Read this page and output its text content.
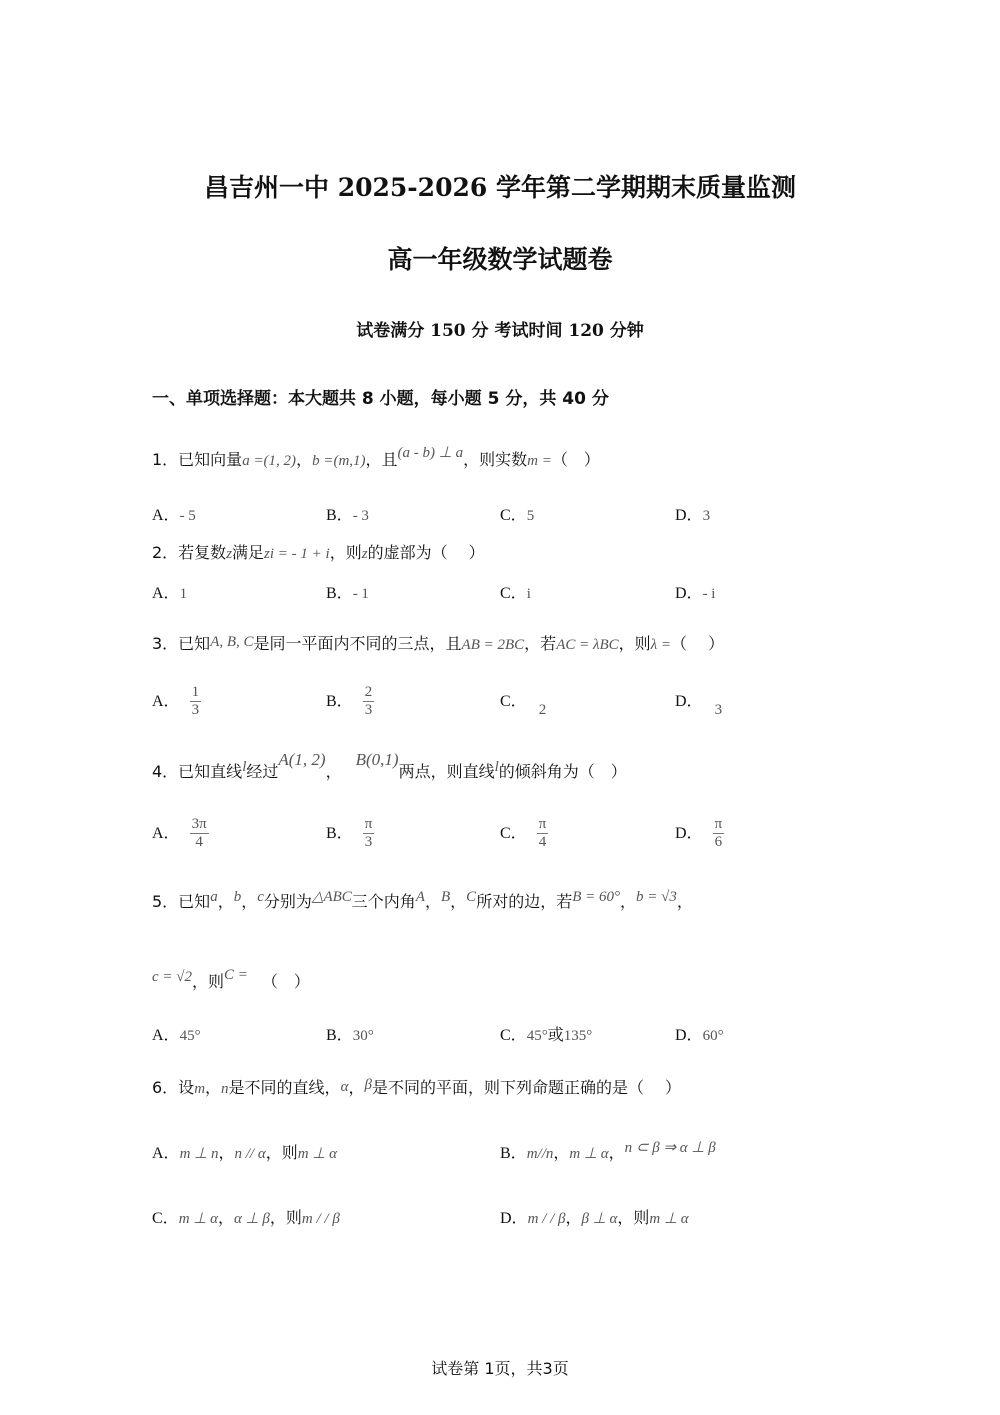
昌吉州一中 2025-2026 学年第二学期期末质量监测
高一年级数学试题卷
试卷满分 150 分 考试时间 120 分钟
一、单项选择题：本大题共 8 小题，每小题 5 分，共 40 分
1．已知向量a =(1, 2)，b =(m,1)，且(a - b) ⊥ a，则实数m =（　）
A．- 5	B．- 3	C．5	D．3
2．若复数z满足zi = - 1 + i，则z的虚部为（　 ）
A．1	B．- 1	C．i	D．- i
3．已知A, B, C是同一平面内不同的三点，且AB = 2BC，若AC = λBC，则λ =（　 ）
A． $\frac{1}{3}$	B． $\frac{2}{3}$	C． 2	D． 3
4．已知直线l经过A(1, 2)，B(0,1)两点，则直线l的倾斜角为（　）
A． $\frac{3\pi}{4}$	B． $\frac{\pi}{3}$	C． $\frac{\pi}{4}$	D． $\frac{\pi}{6}$
5．已知a，b，c分别为△ABC三个内角A，B，C所对的边，若B = 60°，b = √3，
c = √2，则C = （　）
A．45°	B．30°	C．45°或135°	D．60°
6．设m，n是不同的直线，α，β是不同的平面，则下列命题正确的是（　 ）
A．m ⊥ n，n // α，则m ⊥ α	B．m//n，m ⊥ α，n ⊂ β ⇒ α ⊥ β
C．m ⊥ α，α ⊥ β，则m / / β	D．m / / β，β ⊥ α，则m ⊥ α
试卷第 1页，共3页
